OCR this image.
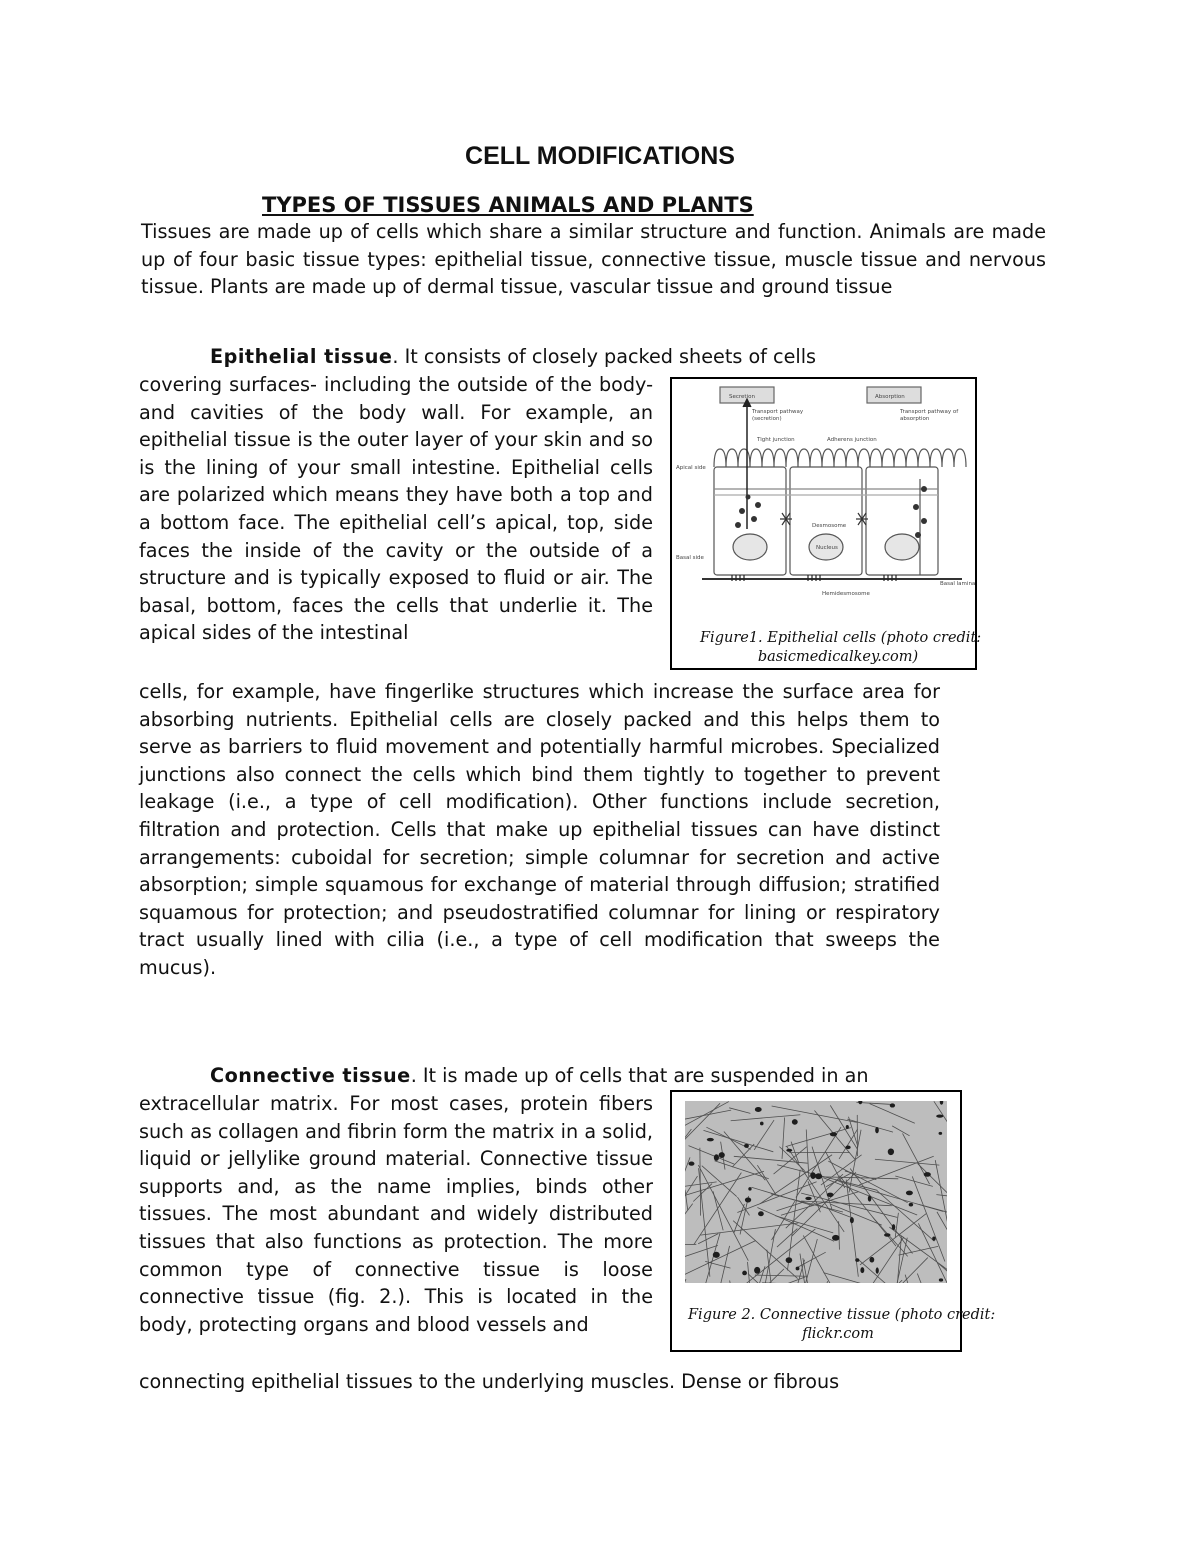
CELL MODIFICATIONS
TYPES OF TISSUES ANIMALS AND PLANTS

Tissues are made up of cells which share a similar structure and function. Animals are made up of four basic tissue types: epithelial tissue, connective tissue, muscle tissue and nervous tissue. Plants are made up of dermal tissue, vascular tissue and ground tissue

Epithelial tissue. It consists of closely packed sheets of cells

covering surfaces- including the outside of the body- and cavities of the body wall. For example, an epithelial tissue is the outer layer of your skin and so is the lining of your small intestine. Epithelial cells are polarized which means they have both a top and a bottom face. The epithelial cell’s apical, top, side faces the inside of the cavity or the outside of a structure and is typically exposed to fluid or air. The basal, bottom, faces the cells that underlie it. The apical sides of the intestinal

Secretion	Absorption
Transport pathway
(secretion)
Transport pathway of
absorption
Tight junction	Adherens junction
Apical side
Basal side
Desmosome
Nucleus
Basal lamina
Hemidesmosome
Figure1. Epithelial cells (photo credit:
basicmedicalkey.com)

cells, for example, have fingerlike structures which increase the surface area for absorbing nutrients. Epithelial cells are closely packed and this helps them to serve as barriers to fluid movement and potentially harmful microbes. Specialized junctions also connect the cells which bind them tightly to together to prevent leakage (i.e., a type of cell modification). Other functions include secretion, filtration and protection. Cells that make up epithelial tissues can have distinct arrangements: cuboidal for secretion; simple columnar for secretion and active absorption; simple squamous for exchange of material through diffusion; stratified squamous for protection; and pseudostratified columnar for lining or respiratory tract usually lined with cilia (i.e., a type of cell modification that sweeps the mucus).

Connective tissue. It is made up of cells that are suspended in an

extracellular matrix. For most cases, protein fibers such as collagen and fibrin form the matrix in a solid, liquid or jellylike ground material. Connective tissue supports and, as the name implies, binds other tissues. The most abundant and widely distributed tissues that also functions as protection. The more common type of connective tissue is loose connective tissue (fig. 2.). This is located in the body, protecting organs and blood vessels and	Figure 2. Connective tissue (photo credit:
flickr.com

connecting epithelial tissues to the underlying muscles. Dense or fibrous
